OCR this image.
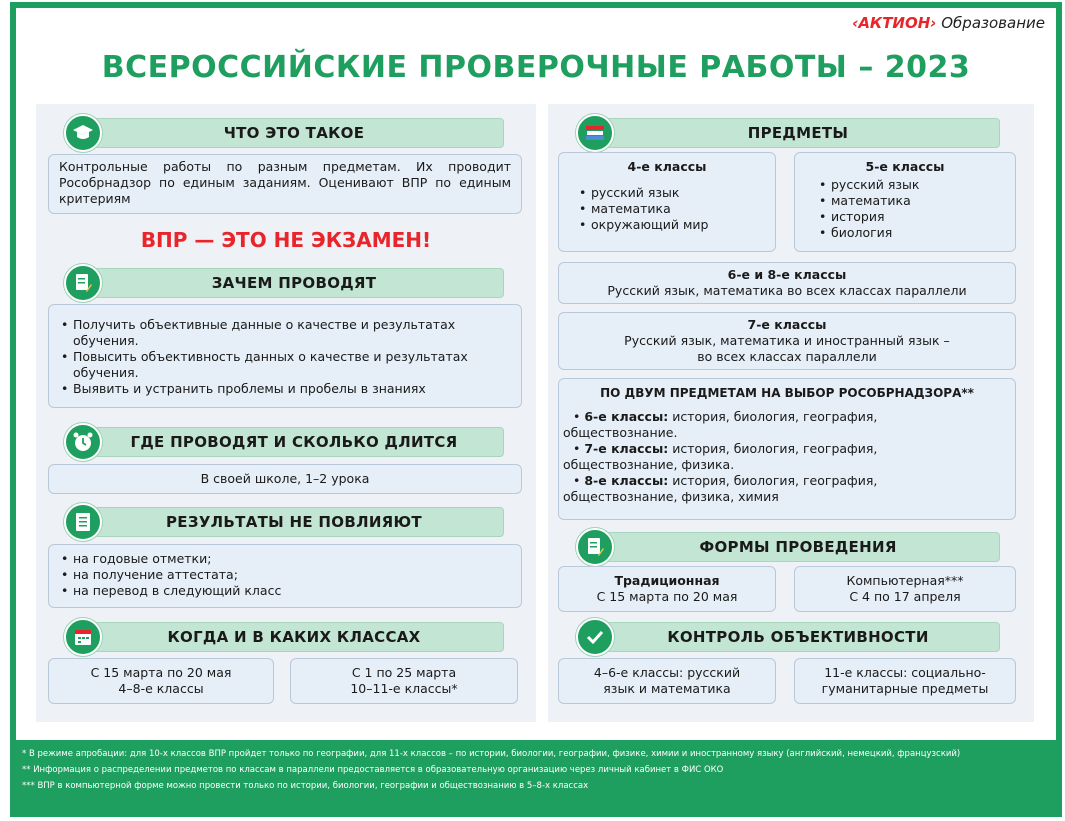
‹АКТИОН› Образование
ВСЕРОССИЙСКИЕ ПРОВЕРОЧНЫЕ РАБОТЫ – 2023
ЧТО ЭТО ТАКОЕ
Контрольные работы по разным предметам. Их проводит Рособрнадзор по единым заданиям. Оценивают ВПР по единым критериям
ВПР — ЭТО НЕ ЭКЗАМЕН!
ЗАЧЕМ ПРОВОДЯТ
• Получить объективные данные о качестве и результатах обучения.
• Повысить объективность данных о качестве и результатах обучения.
• Выявить и устранить проблемы и пробелы в знаниях
ГДЕ ПРОВОДЯТ И СКОЛЬКО ДЛИТСЯ
В своей школе, 1–2 урока
РЕЗУЛЬТАТЫ НЕ ПОВЛИЯЮТ
• на годовые отметки;
• на получение аттестата;
• на перевод в следующий класс
КОГДА И В КАКИХ КЛАССАХ
С 15 марта по 20 мая
4–8-е классы
С 1 по 25 марта
10–11-е классы*
ПРЕДМЕТЫ
4-е классы
• русский язык
• математика
• окружающий мир
5-е классы
• русский язык
• математика
• история
• биология
6-е и 8-е классы
Русский язык, математика во всех классах параллели
7-е классы
Русский язык, математика и иностранный язык –
во всех классах параллели
ПО ДВУМ ПРЕДМЕТАМ НА ВЫБОР РОСОБРНАДЗОРА**
• 6-е классы: история, биология, география,
обществознание.
• 7-е классы: история, биология, география,
обществознание, физика.
• 8-е классы: история, биология, география,
обществознание, физика, химия
ФОРМЫ ПРОВЕДЕНИЯ
Традиционная
С 15 марта по 20 мая
Компьютерная***
С 4 по 17 апреля
КОНТРОЛЬ ОБЪЕКТИВНОСТИ
4–6-е классы: русский
язык и математика
11-е классы: социально-
гуманитарные предметы

* В режиме апробации: для 10-х классов ВПР пройдет только по географии, для 11-х классов – по истории, биологии, географии, физике, химии и иностранному языку (английский, немецкий, французский)

** Информация о распределении предметов по классам в параллели предоставляется в образовательную организацию через личный кабинет в ФИС ОКО

*** ВПР в компьютерной форме можно провести только по истории, биологии, географии и обществознанию в 5–8-х классах
